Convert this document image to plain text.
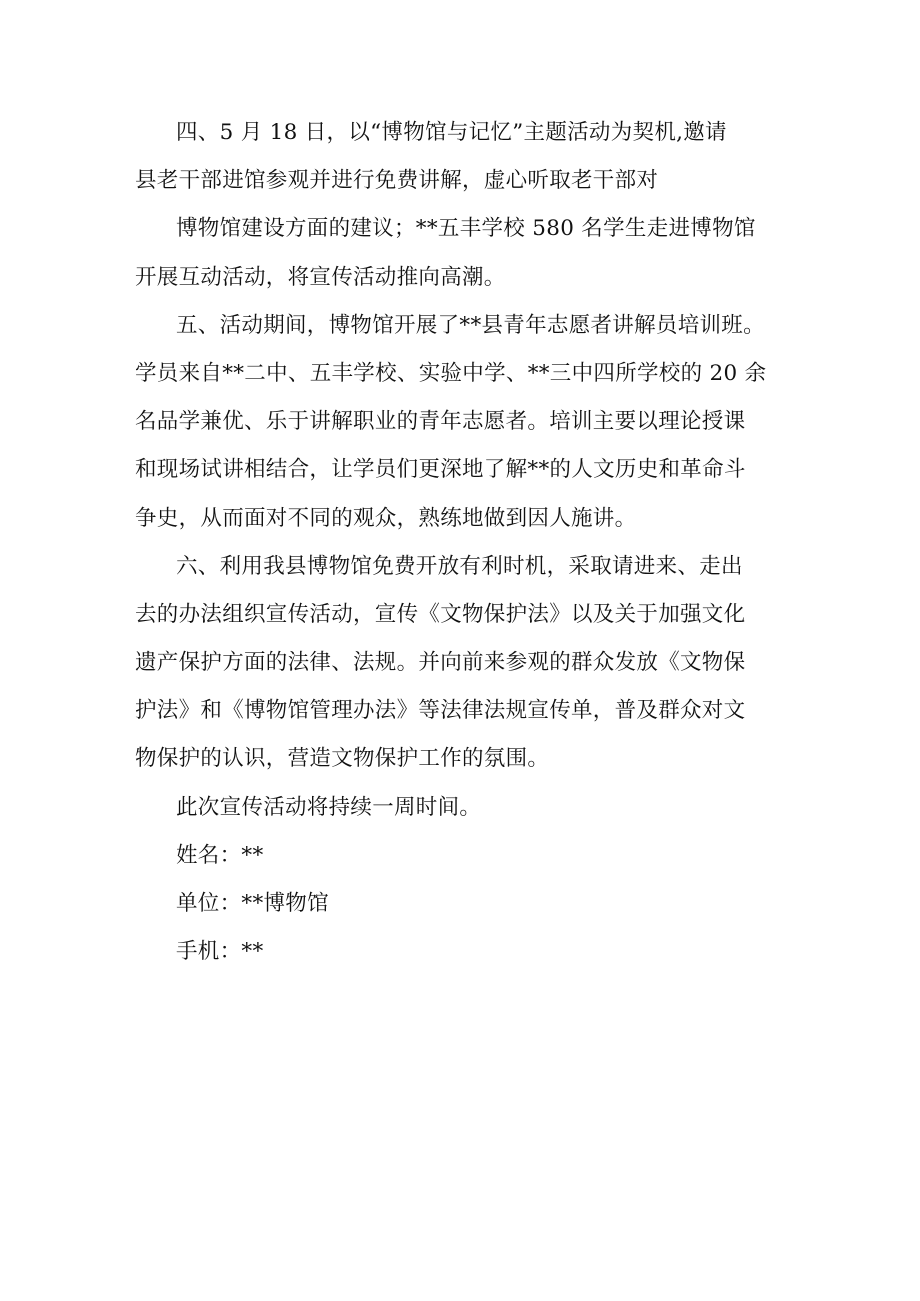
四、5 月 18 日，以“博物馆与记忆”主题活动为契机,邀请
县老干部进馆参观并进行免费讲解，虚心听取老干部对
博物馆建设方面的建议；**五丰学校 580 名学生走进博物馆
开展互动活动，将宣传活动推向高潮。
五、活动期间，博物馆开展了**县青年志愿者讲解员培训班。
学员来自**二中、五丰学校、实验中学、**三中四所学校的 20 余
名品学兼优、乐于讲解职业的青年志愿者。培训主要以理论授课
和现场试讲相结合，让学员们更深地了解**的人文历史和革命斗
争史，从而面对不同的观众，熟练地做到因人施讲。
六、利用我县博物馆免费开放有利时机，采取请进来、走出
去的办法组织宣传活动，宣传《文物保护法》以及关于加强文化
遗产保护方面的法律、法规。并向前来参观的群众发放《文物保
护法》和《博物馆管理办法》等法律法规宣传单，普及群众对文
物保护的认识，营造文物保护工作的氛围。
此次宣传活动将持续一周时间。
姓名：**
单位：**博物馆
手机：**
